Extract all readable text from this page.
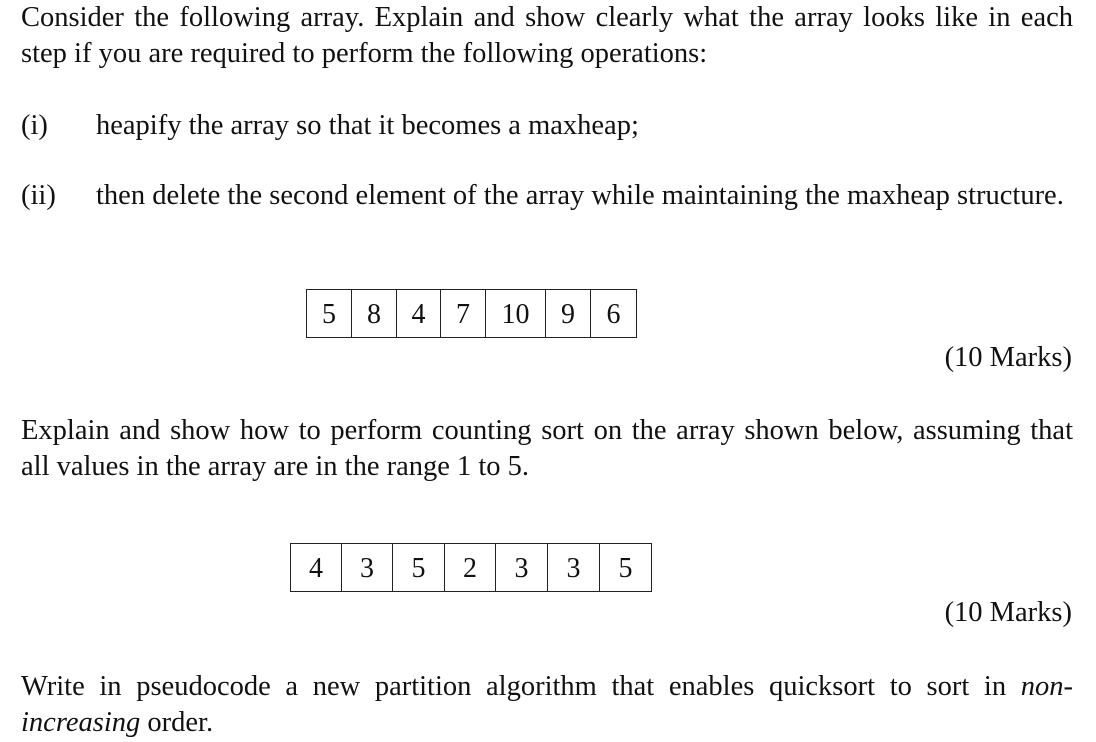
Consider the following array. Explain and show clearly what the array looks like in each step if you are required to perform the following operations:

(i) heapify the array so that it becomes a maxheap;

(ii) then delete the second element of the array while maintaining the maxheap structure.

5	8	4	7	10	9	6
(10 Marks)

Explain and show how to perform counting sort on the array shown below, assuming that all values in the array are in the range 1 to 5.

4	3	5	2	3	3	5
(10 Marks)

Write in pseudocode a new partition algorithm that enables quicksort to sort in non-increasing order.
